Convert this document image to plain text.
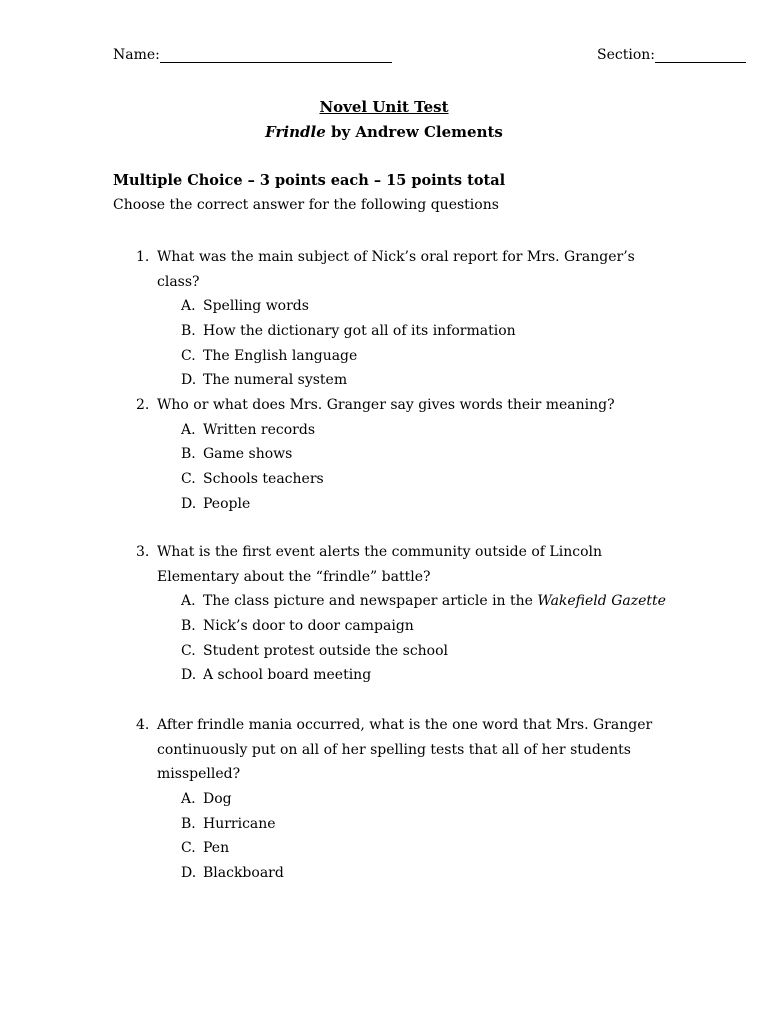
Name:	Section:
Novel Unit Test
Frindle by Andrew Clements
Multiple Choice – 3 points each – 15 points total
Choose the correct answer for the following questions
1. What was the main subject of Nick’s oral report for Mrs. Granger’s class?
A. Spelling words
B. How the dictionary got all of its information
C. The English language
D. The numeral system
2. Who or what does Mrs. Granger say gives words their meaning?
A. Written records
B. Game shows
C. Schools teachers
D. People
3. What is the first event alerts the community outside of Lincoln Elementary about the “frindle” battle?
A. The class picture and newspaper article in the Wakefield Gazette
B. Nick’s door to door campaign
C. Student protest outside the school
D. A school board meeting
4. After frindle mania occurred, what is the one word that Mrs. Granger continuously put on all of her spelling tests that all of her students misspelled?
A. Dog
B. Hurricane
C. Pen
D. Blackboard
